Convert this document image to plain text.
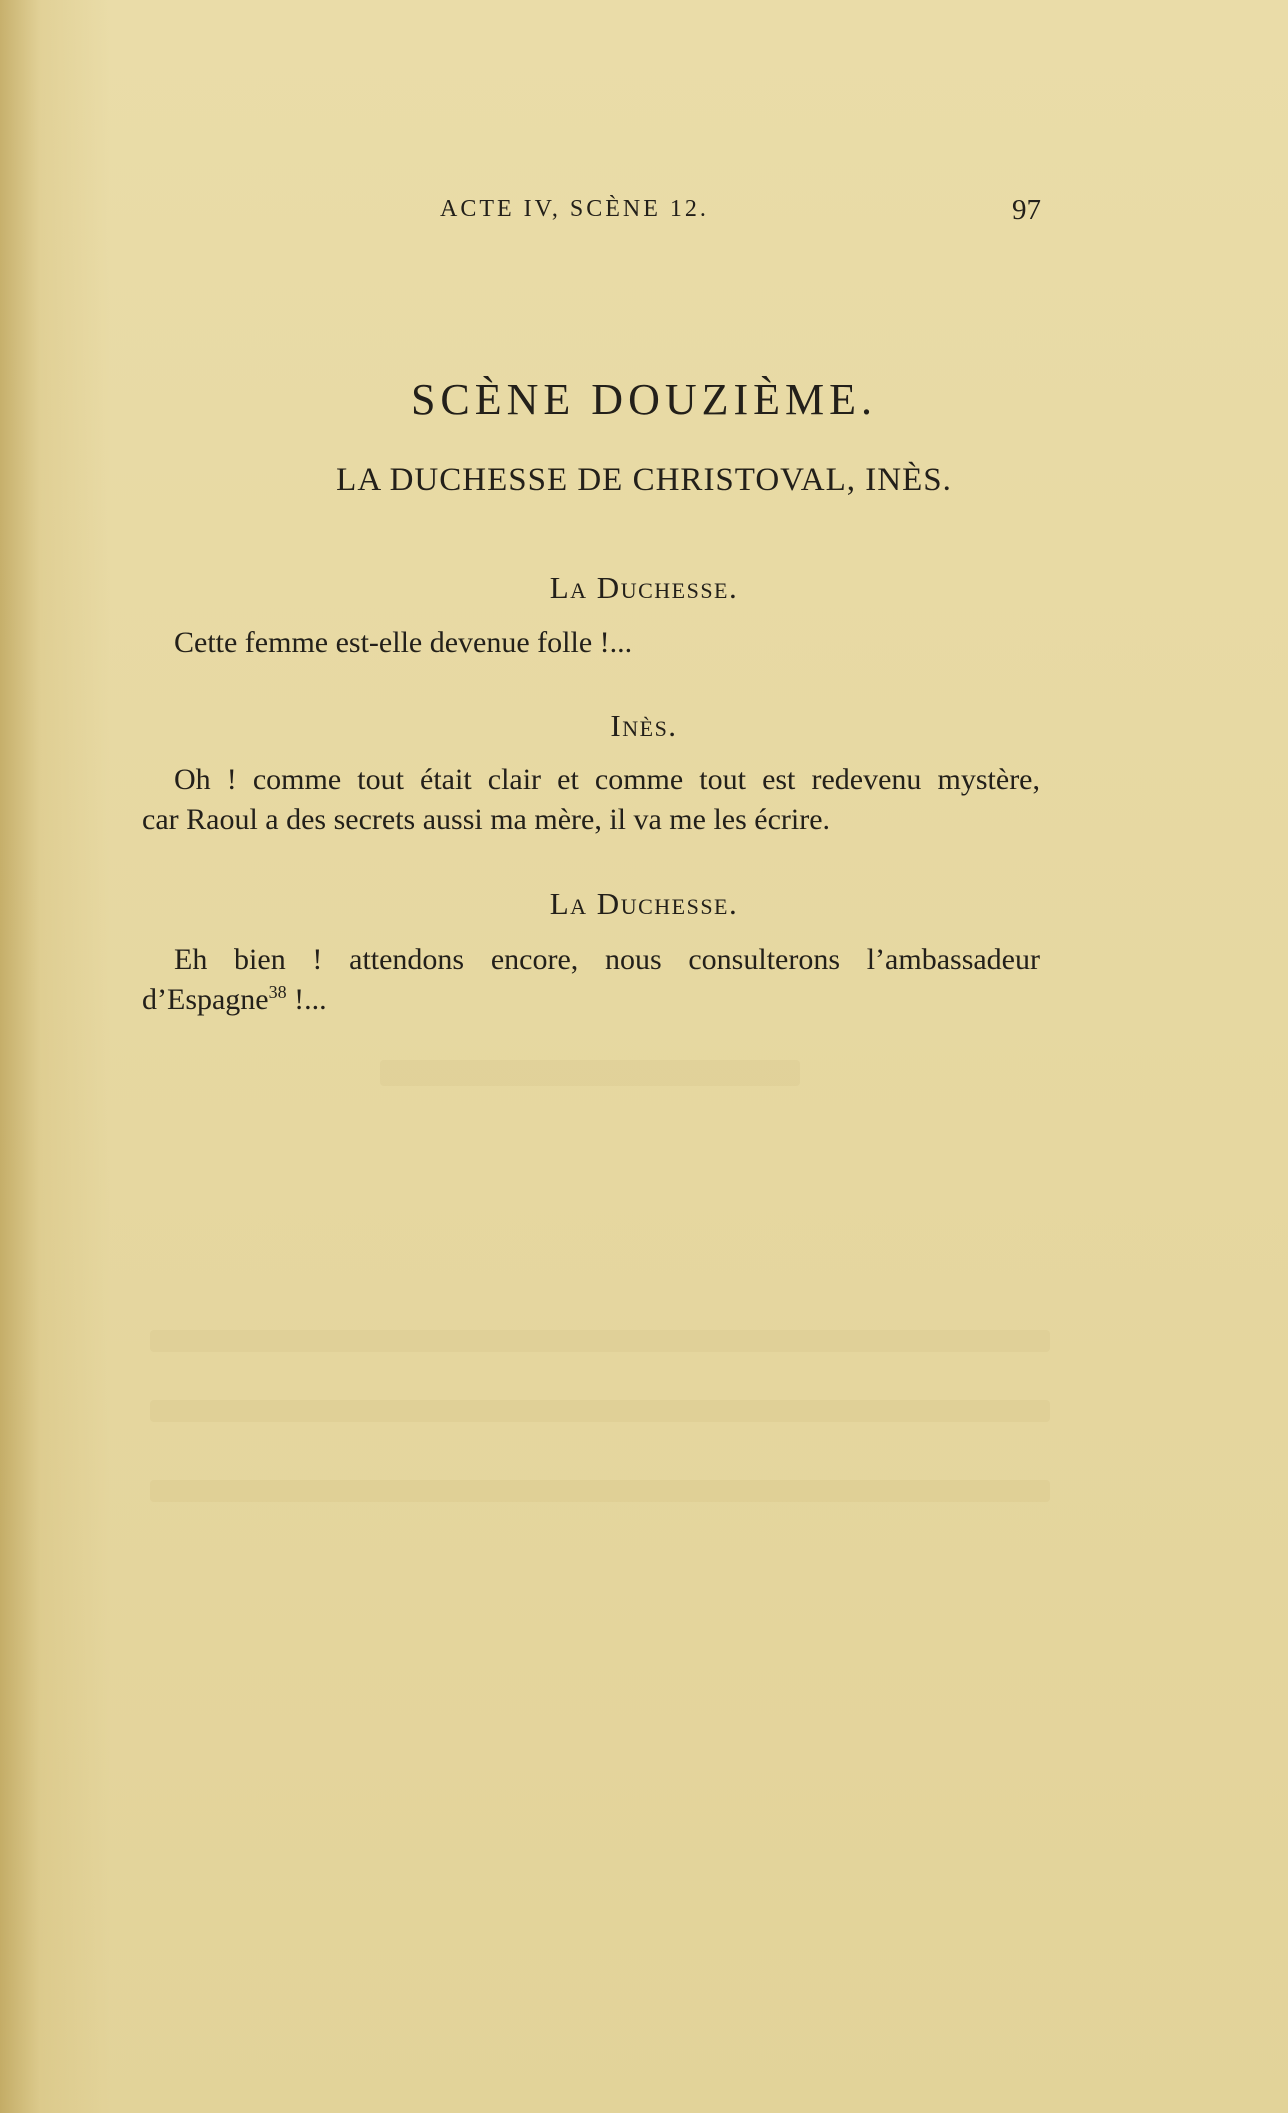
ACTE IV, SCÈNE 12.	97
SCÈNE DOUZIÈME.
LA DUCHESSE DE CHRISTOVAL, INÈS.
La Duchesse.
Cette femme est-elle devenue folle !...
Inès.
Oh ! comme tout était clair et comme tout est redevenu mystère,
car Raoul a des secrets aussi ma mère, il va me les écrire.
La Duchesse.
Eh bien ! attendons encore, nous consulterons l’ambassadeur
d’Espagne$^{38}$ !...
